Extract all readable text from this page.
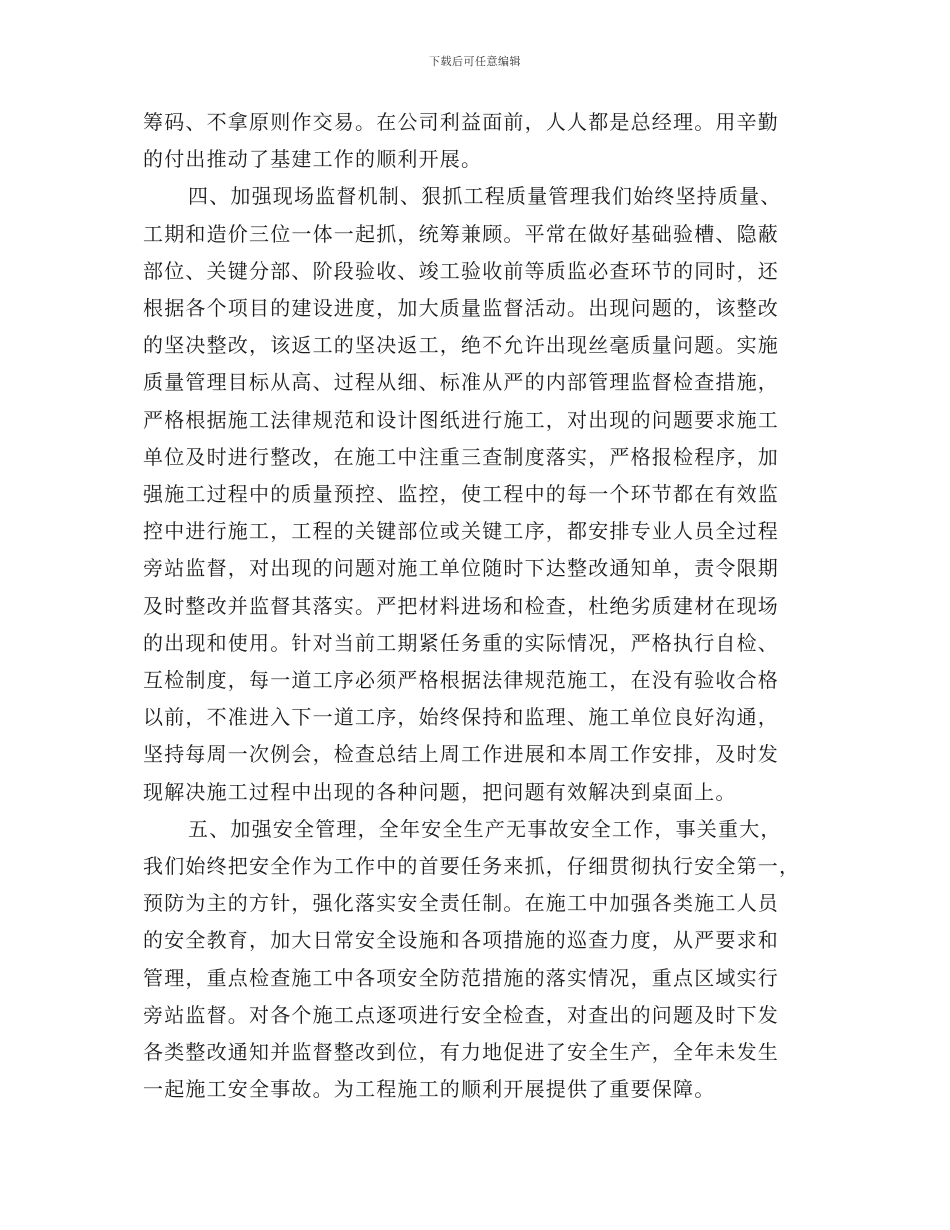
下载后可任意编辑

筹码、不拿原则作交易。在公司利益面前，人人都是总经理。用辛勤
的付出推动了基建工作的顺利开展。

四、加强现场监督机制、狠抓工程质量管理我们始终坚持质量、
工期和造价三位一体一起抓，统筹兼顾。平常在做好基础验槽、隐蔽
部位、关键分部、阶段验收、竣工验收前等质监必查环节的同时，还
根据各个项目的建设进度，加大质量监督活动。出现问题的，该整改
的坚决整改，该返工的坚决返工，绝不允许出现丝毫质量问题。实施
质量管理目标从高、过程从细、标准从严的内部管理监督检查措施，
严格根据施工法律规范和设计图纸进行施工，对出现的问题要求施工
单位及时进行整改，在施工中注重三查制度落实，严格报检程序，加
强施工过程中的质量预控、监控，使工程中的每一个环节都在有效监
控中进行施工，工程的关键部位或关键工序，都安排专业人员全过程
旁站监督，对出现的问题对施工单位随时下达整改通知单，责令限期
及时整改并监督其落实。严把材料进场和检查，杜绝劣质建材在现场
的出现和使用。针对当前工期紧任务重的实际情况，严格执行自检、
互检制度，每一道工序必须严格根据法律规范施工，在没有验收合格
以前，不准进入下一道工序，始终保持和监理、施工单位良好沟通，
坚持每周一次例会，检查总结上周工作进展和本周工作安排，及时发
现解决施工过程中出现的各种问题，把问题有效解决到桌面上。

五、加强安全管理，全年安全生产无事故安全工作，事关重大，
我们始终把安全作为工作中的首要任务来抓，仔细贯彻执行安全第一，
预防为主的方针，强化落实安全责任制。在施工中加强各类施工人员
的安全教育，加大日常安全设施和各项措施的巡查力度，从严要求和
管理，重点检查施工中各项安全防范措施的落实情况，重点区域实行
旁站监督。对各个施工点逐项进行安全检查，对查出的问题及时下发
各类整改通知并监督整改到位，有力地促进了安全生产，全年未发生
一起施工安全事故。为工程施工的顺利开展提供了重要保障。
